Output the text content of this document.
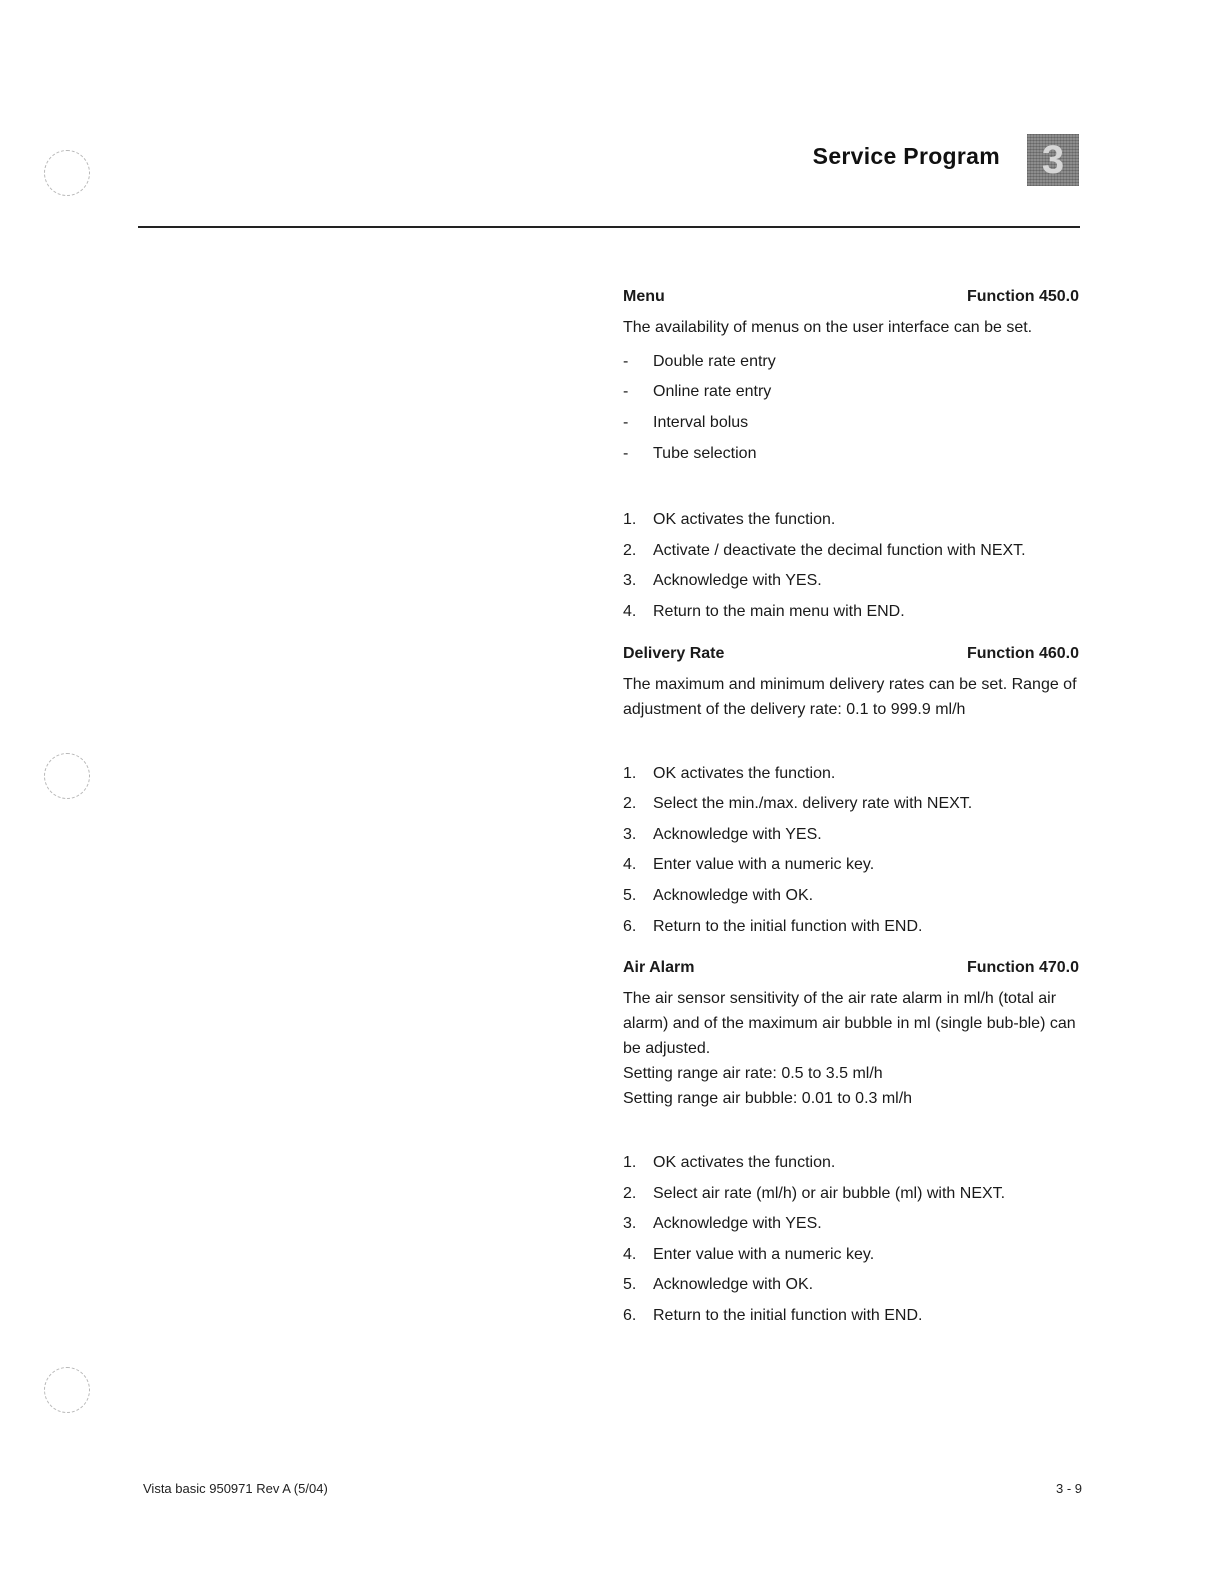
Service Program 3
Menu	Function 450.0

The availability of menus on the user interface can be set.

-	Double rate entry
-	Online rate entry
-	Interval bolus
-	Tube selection
1.	OK activates the function.
2.	Activate / deactivate the decimal function with NEXT.
3.	Acknowledge with YES.
4.	Return to the main menu with END.
Delivery Rate	Function 460.0

The maximum and minimum delivery rates can be set. Range of adjustment of the delivery rate: 0.1 to 999.9 ml/h

1.	OK activates the function.
2.	Select the min./max. delivery rate with NEXT.
3.	Acknowledge with YES.
4.	Enter value with a numeric key.
5.	Acknowledge with OK.
6.	Return to the initial function with END.
Air Alarm	Function 470.0

The air sensor sensitivity of the air rate alarm in ml/h (total air alarm) and of the maximum air bubble in ml (single bub-ble) can be adjusted.

Setting range air rate: 0.5 to 3.5 ml/h

Setting range air bubble: 0.01 to 0.3 ml/h

1.	OK activates the function.
2.	Select air rate (ml/h) or air bubble (ml) with NEXT.
3.	Acknowledge with YES.
4.	Enter value with a numeric key.
5.	Acknowledge with OK.
6.	Return to the initial function with END.
Vista basic 950971 Rev A (5/04)	3 - 9
